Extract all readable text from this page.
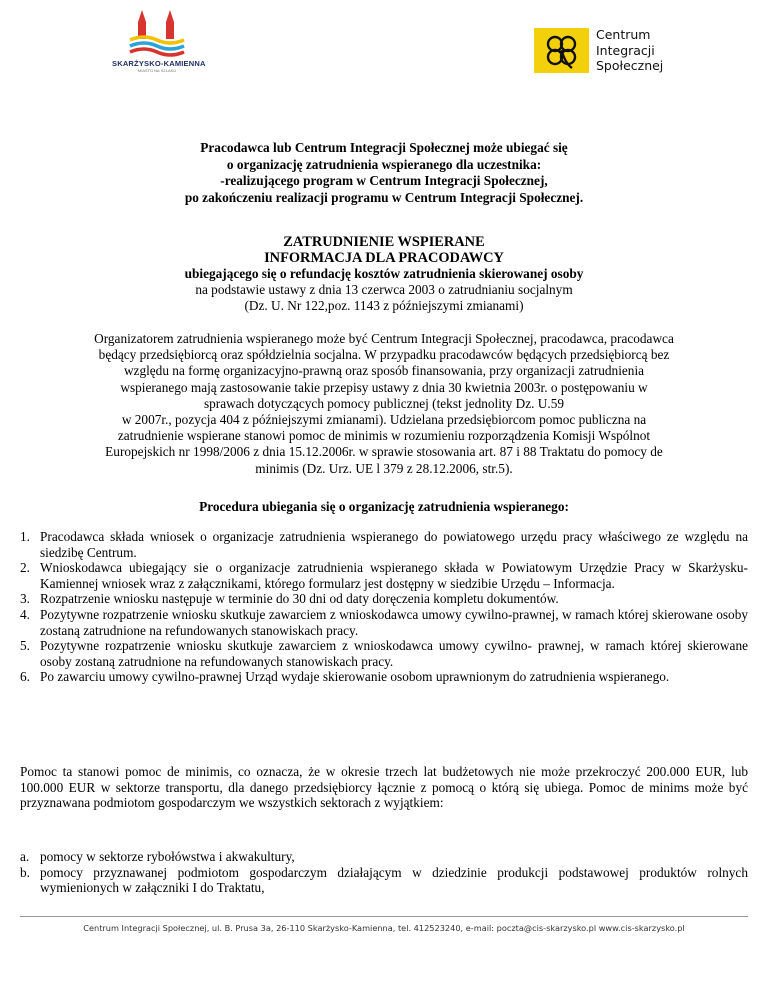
SKARŻYSKO-KAMIENNA
MIASTO NA SZLAKU
Centrum
Integracji
Społecznej
Pracodawca lub Centrum Integracji Społecznej może ubiegać się
o organizację zatrudnienia wspieranego dla uczestnika:
-realizującego program w Centrum Integracji Społecznej,
po zakończeniu realizacji programu w Centrum Integracji Społecznej.
ZATRUDNIENIE WSPIERANE
INFORMACJA DLA PRACODAWCY
ubiegającego się o refundację kosztów zatrudnienia skierowanej osoby
na podstawie ustawy z dnia 13 czerwca 2003 o zatrudnianiu socjalnym
(Dz. U. Nr 122,poz. 1143 z późniejszymi zmianami)
Organizatorem zatrudnienia wspieranego może być Centrum Integracji Społecznej, pracodawca, pracodawca
będący przedsiębiorcą oraz spółdzielnia socjalna. W przypadku pracodawców będących przedsiębiorcą bez
względu na formę organizacyjno-prawną oraz sposób finansowania, przy organizacji zatrudnienia
wspieranego mają zastosowanie takie przepisy ustawy z dnia 30 kwietnia 2003r. o postępowaniu w
sprawach dotyczących pomocy publicznej (tekst jednolity Dz. U.59
w 2007r., pozycja 404 z późniejszymi zmianami). Udzielana przedsiębiorcom pomoc publiczna na
zatrudnienie wspierane stanowi pomoc de minimis w rozumieniu rozporządzenia Komisji Wspólnot
Europejskich nr 1998/2006 z dnia 15.12.2006r. w sprawie stosowania art. 87 i 88 Traktatu do pomocy de
minimis (Dz. Urz. UE l 379 z 28.12.2006, str.5).
Procedura ubiegania się o organizację zatrudnienia wspieranego:
1. Pracodawca składa wniosek o organizacje zatrudnienia wspieranego do powiatowego urzędu pracy właściwego ze względu na siedzibę Centrum.
2. Wnioskodawca ubiegający sie o organizacje zatrudnienia wspieranego składa w Powiatowym Urzędzie Pracy w Skarżysku- Kamiennej wniosek wraz z załącznikami, którego formularz jest dostępny w siedzibie Urzędu – Informacja.
3. Rozpatrzenie wniosku następuje w terminie do 30 dni od daty doręczenia kompletu dokumentów.
4. Pozytywne rozpatrzenie wniosku skutkuje zawarciem z wnioskodawca umowy cywilno-prawnej, w ramach której skierowane osoby zostaną zatrudnione na refundowanych stanowiskach pracy.
5. Pozytywne rozpatrzenie wniosku skutkuje zawarciem z wnioskodawca umowy cywilno- prawnej, w ramach której skierowane osoby zostaną zatrudnione na refundowanych stanowiskach pracy.
6. Po zawarciu umowy cywilno-prawnej Urząd wydaje skierowanie osobom uprawnionym do zatrudnienia wspieranego.
Pomoc ta stanowi pomoc de minimis, co oznacza, że w okresie trzech lat budżetowych nie może przekroczyć 200.000 EUR, lub 100.000 EUR w sektorze transportu, dla danego przedsiębiorcy łącznie z pomocą o którą się ubiega. Pomoc de minims może być przyznawana podmiotom gospodarczym we wszystkich sektorach z wyjątkiem:
a. pomocy w sektorze rybołówstwa i akwakultury,
b. pomocy przyznawanej podmiotom gospodarczym działającym w dziedzinie produkcji podstawowej produktów rolnych wymienionych w załączniki I do Traktatu,
Centrum Integracji Społecznej, ul. B. Prusa 3a, 26-110 Skarżysko-Kamienna, tel. 412523240, e-mail: poczta@cis-skarzysko.pl www.cis-skarzysko.pl
